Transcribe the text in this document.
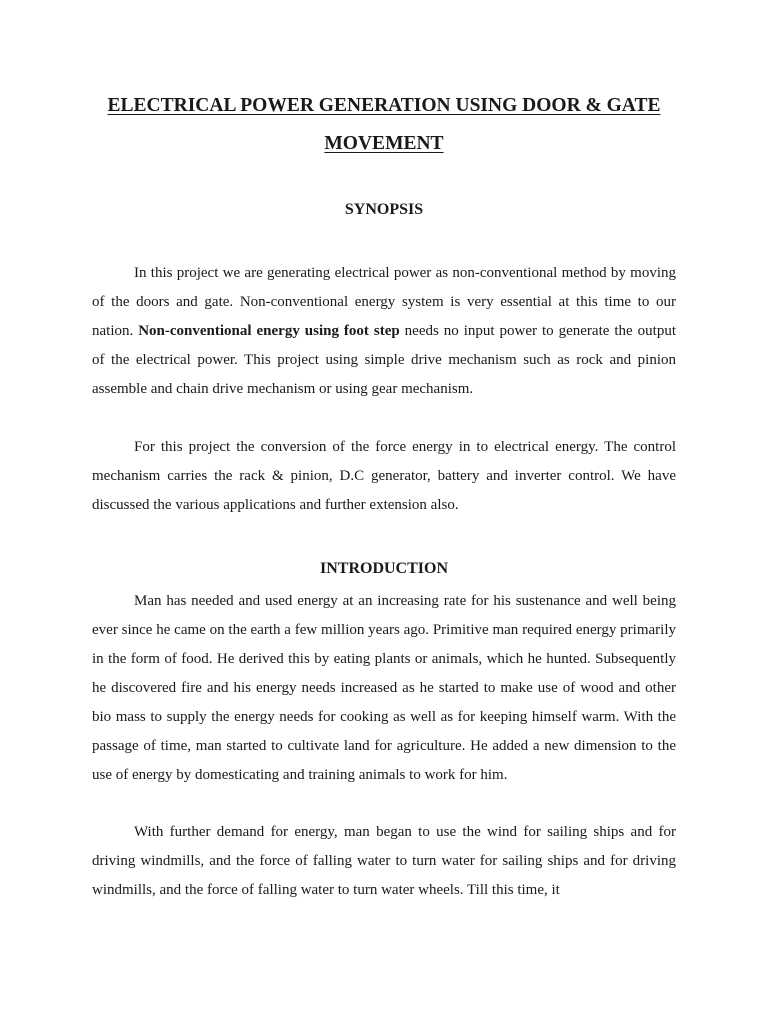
ELECTRICAL POWER GENERATION USING DOOR & GATE
MOVEMENT
SYNOPSIS

In this project we are generating electrical power as non-conventional method by moving of the doors and gate. Non-conventional energy system is very essential at this time to our nation. Non-conventional energy using foot step needs no input power to generate the output of the electrical power. This project using simple drive mechanism such as rock and pinion assemble and chain drive mechanism or using gear mechanism.

For this project the conversion of the force energy in to electrical energy. The control mechanism carries the rack & pinion, D.C generator, battery and inverter control. We have discussed the various applications and further extension also.

INTRODUCTION

Man has needed and used energy at an increasing rate for his sustenance and well being ever since he came on the earth a few million years ago. Primitive man required energy primarily in the form of food. He derived this by eating plants or animals, which he hunted. Subsequently he discovered fire and his energy needs increased as he started to make use of wood and other bio mass to supply the energy needs for cooking as well as for keeping himself warm. With the passage of time, man started to cultivate land for agriculture. He added a new dimension to the use of energy by domesticating and training animals to work for him.

With further demand for energy, man began to use the wind for sailing ships and for driving windmills, and the force of falling water to turn water for sailing ships and for driving windmills, and the force of falling water to turn water wheels. Till this time, it
